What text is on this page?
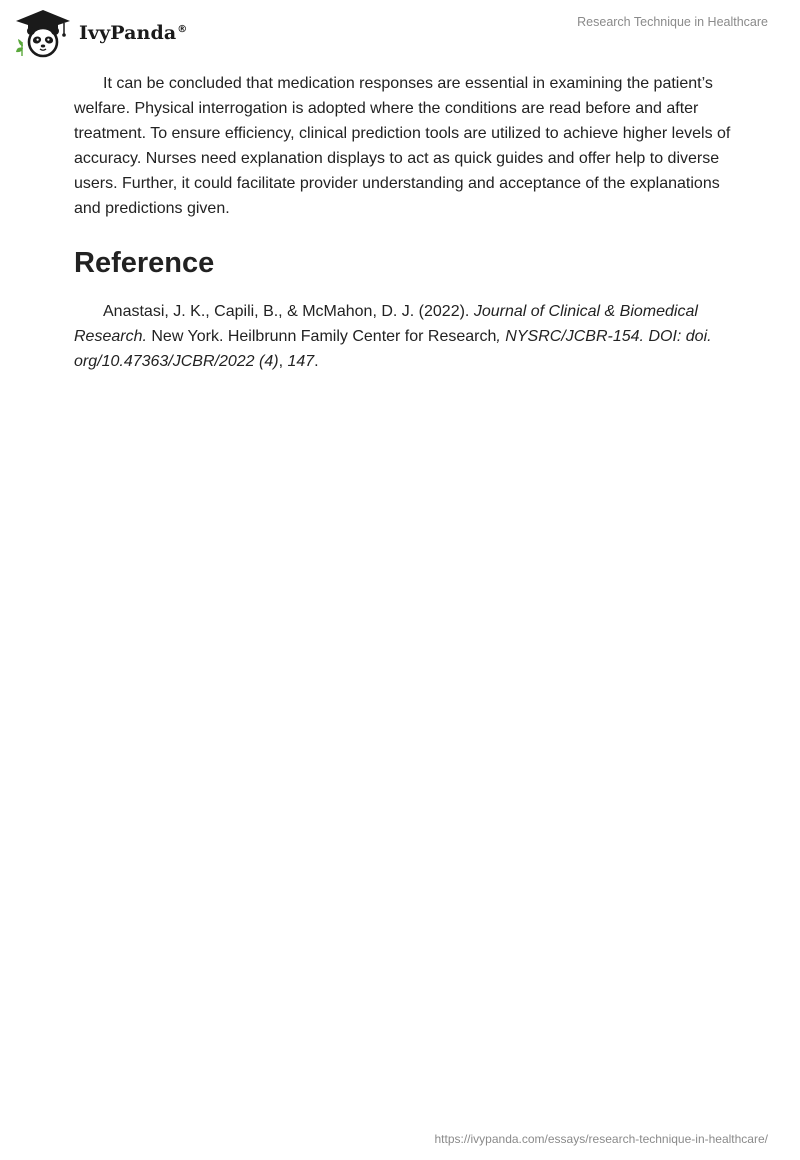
IvyPanda®
Research Technique in Healthcare

It can be concluded that medication responses are essential in examining the patient’s welfare. Physical interrogation is adopted where the conditions are read before and after treatment. To ensure efficiency, clinical prediction tools are utilized to achieve higher levels of accuracy. Nurses need explanation displays to act as quick guides and offer help to diverse users. Further, it could facilitate provider understanding and acceptance of the explanations and predictions given.

Reference

Anastasi, J. K., Capili, B., & McMahon, D. J. (2022). Journal of Clinical & Biomedical Research. New York. Heilbrunn Family Center for Research, NYSRC/JCBR-154. DOI: doi. org/10.47363/JCBR/2022 (4), 147.

https://ivypanda.com/essays/research-technique-in-healthcare/
